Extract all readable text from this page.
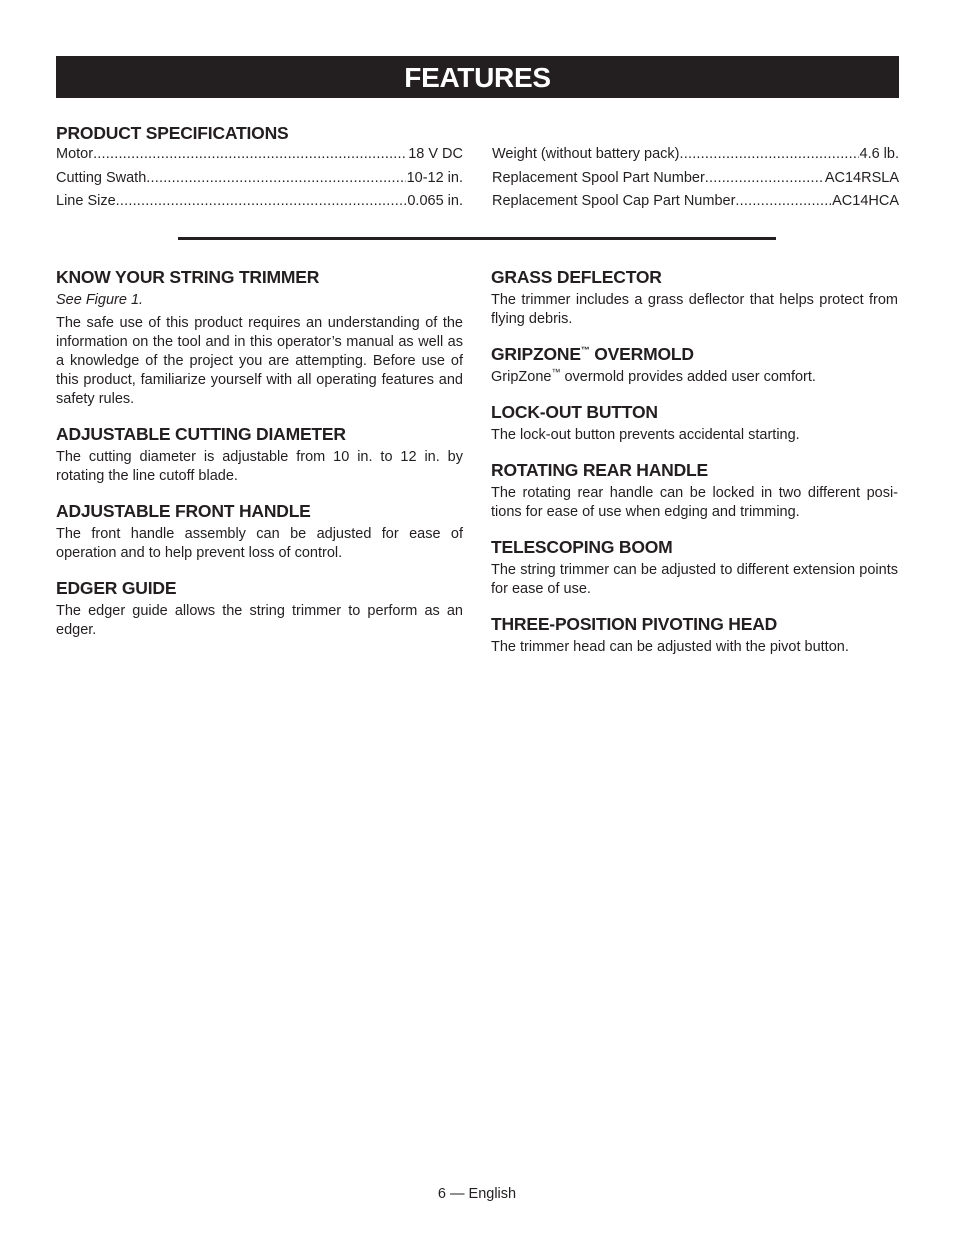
FEATURES
PRODUCT SPECIFICATIONS
Motor .....	18 V DC
Cutting Swath .....	10-12 in.
Line Size .....	0.065 in.
Weight (without battery pack) .....	4.6 lb.
Replacement Spool Part Number .....	AC14RSLA
Replacement Spool Cap Part Number .....	AC14HCA
KNOW YOUR STRING TRIMMER

See Figure 1.

The safe use of this product requires an understanding of the information on the tool and in this operator’s manual as well as a knowledge of the project you are attempting. Before use of this product, familiarize yourself with all operating features and safety rules.

ADJUSTABLE CUTTING DIAMETER

The cutting diameter is adjustable from 10 in. to 12 in. by rotating the line cutoff blade.

ADJUSTABLE FRONT HANDLE

The front handle assembly can be adjusted for ease of operation and to help prevent loss of control.

EDGER GUIDE

The edger guide allows the string trimmer to perform as an edger.

GRASS DEFLECTOR

The trimmer includes a grass deflector that helps protect from flying debris.

GRIPZONE™ OVERMOLD

GripZone™ overmold provides added user comfort.

LOCK-OUT BUTTON

The lock-out button prevents accidental starting.

ROTATING REAR HANDLE

The rotating rear handle can be locked in two different posi- tions for ease of use when edging and trimming.

TELESCOPING BOOM

The string trimmer can be adjusted to different extension points for ease of use.

THREE-POSITION PIVOTING HEAD

The trimmer head can be adjusted with the pivot button.

6 — English
